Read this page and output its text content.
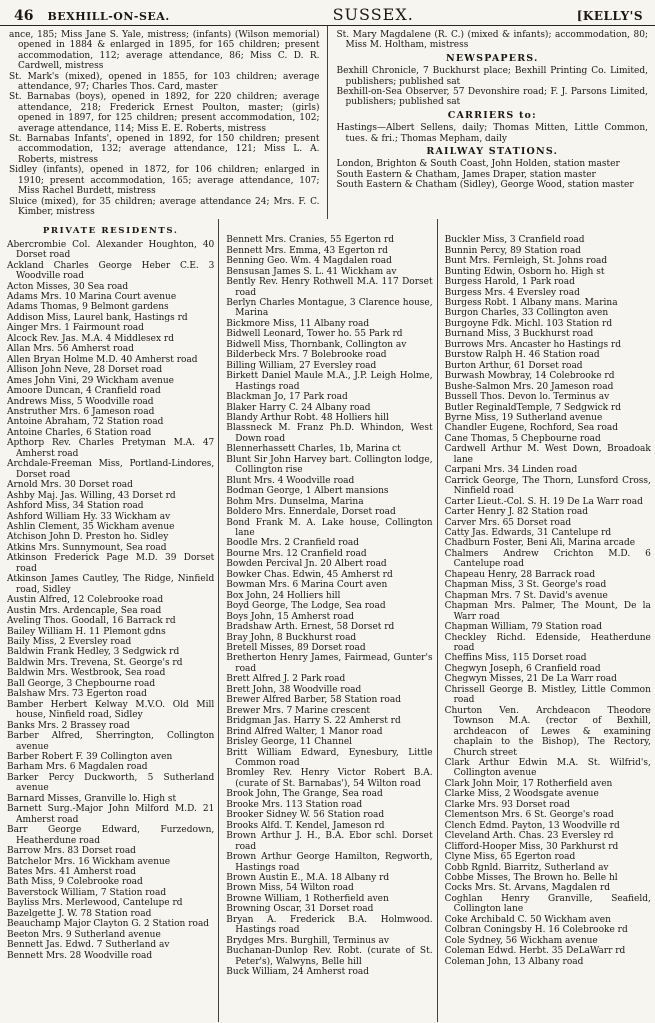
46 BEXHILL-ON-SEA.	SUSSEX.	[KELLY'S
ance, 185; Miss Jane S. Yale, mistress; (infants) (Wilson memorial) opened in 1884 & enlarged in 1895, for 165 children; present accommodation, 112; average attendance, 86; Miss C. D. R. Cardwell, mistress
St. Mark's (mixed), opened in 1855, for 103 children; average attendance, 97; Charles Thos. Card, master
St. Barnabas (boys), opened in 1892, for 220 children; average attendance, 218; Frederick Ernest Poulton, master; (girls) opened in 1897, for 125 children; present accommodation, 102; average attendance, 114; Miss E. E. Roberts, mistress
St. Barnabas Infants', opened in 1892, for 150 children; present accommodation, 132; average attendance, 121; Miss L. A. Roberts, mistress
Sidley (infants), opened in 1872, for 106 children; enlarged in 1910; present accommodation, 165; average attendance, 107; Miss Rachel Burdett, mistress
Sluice (mixed), for 35 children; average attendance 24; Mrs. F. C. Kimber, mistress
St. Mary Magdalene (R. C.) (mixed & infants); accommodation, 80; Miss M. Holtham, mistress
NEWSPAPERS.
Bexhill Chronicle, 7 Buckhurst place; Bexhill Printing Co. Limited, publishers; published sat
Bexhill-on-Sea Observer, 57 Devonshire road; F. J. Parsons Limited, publishers; published sat
CARRIERS to:
Hastings—Albert Sellens, daily; Thomas Mitten, Little Common, tues. & fri.; Thomas Mepham, daily
RAILWAY STATIONS.
London, Brighton & South Coast, John Holden, station master
South Eastern & Chatham, James Draper, station master
South Eastern & Chatham (Sidley), George Wood, station master
PRIVATE RESIDENTS.
Abercrombie Col. Alexander Houghton, 40 Dorset road
Ackland Charles George Heber C.E. 3 Woodville road
Acton Misses, 30 Sea road
Adams Mrs. 10 Marina Court avenue
Adams Thomas, 9 Belmont gardens
Addison Miss, Laurel bank, Hastings rd
Ainger Mrs. 1 Fairmount road
Alcock Rev. Jas. M.A. 4 Middlesex rd
Allan Mrs. 56 Amherst road
Allen Bryan Holme M.D. 40 Amherst road
Allison John Neve, 28 Dorset road
Ames John Vini, 29 Wickham avenue
Amoore Duncan, 4 Cranfield road
Andrews Miss, 5 Woodville road
Anstruther Mrs. 6 Jameson road
Antoine Abraham, 72 Station road
Antoine Charles, 6 Station road
Apthorp Rev. Charles Pretyman M.A. 47 Amherst road
Archdale-Freeman Miss, Portland-Lindores, Dorset road
Arnold Mrs. 30 Dorset road
Ashby Maj. Jas. Willing, 43 Dorset rd
Ashford Miss, 34 Station road
Ashford William Hy. 33 Wickham av
Ashlin Clement, 35 Wickham avenue
Atchison John D. Preston ho. Sidley
Atkins Mrs. Sunnymount, Sea road
Atkinson Frederick Page M.D. 39 Dorset road
Atkinson James Cautley, The Ridge, Ninfield road, Sidley
Austin Alfred, 12 Colebrooke road
Austin Mrs. Ardencaple, Sea road
Aveling Thos. Goodall, 16 Barrack rd
Bailey William H. 11 Plemont gdns
Baily Miss, 2 Eversley road
Baldwin Frank Hedley, 3 Sedgwick rd
Baldwin Mrs. Trevena, St. George's rd
Baldwin Mrs. Westbrook, Sea road
Ball George, 3 Chepbourne road
Balshaw Mrs. 73 Egerton road
Bamber Herbert Kelway M.V.O. Old Mill house, Ninfield road, Sidley
Banks Mrs. 2 Brassey road
Barber Alfred, Sherrington, Collington avenue
Barber Robert F. 39 Collington aven
Barham Mrs. 6 Magdalen road
Barker Percy Duckworth, 5 Sutherland avenue
Barnard Misses, Granville lo. High st
Barnett Surg.-Major John Milford M.D. 21 Amherst road
Barr George Edward, Furzedown, Heatherdune road
Barrow Mrs. 83 Dorset road
Batchelor Mrs. 16 Wickham avenue
Bates Mrs. 41 Amherst road
Bath Miss, 9 Colebrooke road
Baverstock William, 7 Station road
Bayliss Mrs. Merlewood, Cantelupe rd
Bazelgette J. W. 78 Station road
Beauchamp Major Clayton G. 2 Station road
Beeton Mrs. 9 Sutherland avenue
Bennett Jas. Edwd. 7 Sutherland av
Bennett Mrs. 28 Woodville road
Bennett Mrs. Cranies, 55 Egerton rd
Bennett Mrs. Emma, 43 Egerton rd
Benning Geo. Wm. 4 Magdalen road
Bensusan James S. L. 41 Wickham av
Bently Rev. Henry Rothwell M.A. 117 Dorset road
Berlyn Charles Montague, 3 Clarence house, Marina
Bickmore Miss, 11 Albany road
Bidwell Leonard, Tower ho. 55 Park rd
Bidwell Miss, Thornbank, Collington av
Bilderbeck Mrs. 7 Bolebrooke road
Billing William, 27 Eversley road
Birkett Daniel Maule M.A., J.P. Leigh Holme, Hastings road
Blackman Jo, 17 Park road
Blaker Harry C. 24 Albany road
Blandy Arthur Robt. 48 Holliers hill
Blassneck M. Franz Ph.D. Whindon, West Down road
Blennerhassett Charles, 1b, Marina ct
Blunt Sir John Harvey bart. Collington lodge, Collington rise
Blunt Mrs. 4 Woodville road
Bodman George, 1 Albert mansions
Bohm Mrs. Dunselma, Marina
Boldero Mrs. Ennerdale, Dorset road
Bond Frank M. A. Lake house, Collington lane
Boodle Mrs. 2 Cranfield road
Bourne Mrs. 12 Cranfield road
Bowden Percival Jn. 20 Albert road
Bowker Chas. Edwin, 45 Amherst rd
Bowman Mrs. 6 Marina Court aven
Box John, 24 Holliers hill
Boyd George, The Lodge, Sea road
Boys John, 15 Amherst road
Bradshaw Arth. Ernest, 58 Dorset rd
Bray John, 8 Buckhurst road
Bretell Misses, 89 Dorset road
Bretherton Henry James, Fairmead, Gunter's road
Brett Alfred J. 2 Park road
Brett John, 38 Woodville road
Brewer Alfred Barber, 58 Station road
Brewer Mrs. 7 Marine crescent
Bridgman Jas. Harry S. 22 Amherst rd
Brind Alfred Walter, 1 Manor road
Brisley George, 11 Channel
Britt William Edward, Eynesbury, Little Common road
Bromley Rev. Henry Victor Robert B.A. (curate of St. Barnabas'), 54 Wilton road
Brook John, The Grange, Sea road
Brooke Mrs. 113 Station road
Brooker Sidney W. 56 Station road
Brooks Alfd. T. Kendel, Jameson rd
Brown Arthur J. H., B.A. Ebor schl. Dorset road
Brown Arthur George Hamilton, Regworth, Hastings road
Brown Austin E., M.A. 18 Albany rd
Brown Miss, 54 Wilton road
Browne William, 1 Rotherfield aven
Browning Oscar, 31 Dorset road
Bryan A. Frederick B.A. Holmwood. Hastings road
Brydges Mrs. Burghill, Terminus av
Buchanan-Dunlop Rev. Robt. (curate of St. Peter's), Walwyns, Belle hill
Buck William, 24 Amherst road
Buckler Miss, 3 Cranfield road
Bunnin Percy, 89 Station road
Bunt Mrs. Fernleigh, St. Johns road
Bunting Edwin, Osborn ho. High st
Burgess Harold, 1 Park road
Burgess Mrs. 4 Eversley road
Burgess Robt. 1 Albany mans. Marina
Burgon Charles, 33 Collington aven
Burgoyne Fdk. Michl. 103 Station rd
Burnand Miss, 3 Buckhurst road
Burrows Mrs. Ancaster ho Hastings rd
Burstow Ralph H. 46 Station road
Burton Arthur, 61 Dorset road
Burwash Mowbray, 14 Colebrooke rd
Bushe-Salmon Mrs. 20 Jameson road
Bussell Thos. Devon lo. Terminus av
Butler ReginaldTemple, 7 Sedgwick rd
Byrne Miss, 19 Sutherland avenue
Chandler Eugene, Rochford, Sea road
Cane Thomas, 5 Chepbourne road
Cardwell Arthur M. West Down, Broadoak lane
Carpani Mrs. 34 Linden road
Carrick George, The Thorn, Lunsford Cross, Ninfield road
Carter Lieut.-Col. S. H. 19 De La Warr road
Carter Henry J. 82 Station road
Carver Mrs. 65 Dorset road
Catty Jas. Edwards, 31 Cantelupe rd
Chadburn Foster, Beni Ali, Marina arcade
Chalmers Andrew Crichton M.D. 6 Cantelupe road
Chapeau Henry, 28 Barrack road
Chapman Miss, 3 St. George's road
Chapman Mrs. 7 St. David's avenue
Chapman Mrs. Palmer, The Mount, De la Warr road
Chapman William, 79 Station road
Checkley Richd. Edenside, Heatherdune road
Cheffins Miss, 115 Dorset road
Chegwyn Joseph, 6 Cranfield road
Chegwyn Misses, 21 De La Warr road
Chrissell George B. Mistley, Little Common road
Churton Ven. Archdeacon Theodore Townson M.A. (rector of Bexhill, archdeacon of Lewes & examining chaplain to the Bishop), The Rectory, Church street
Clark Arthur Edwin M.A. St. Wilfrid's, Collington avenue
Clark John Moir, 17 Rotherfield aven
Clarke Miss, 2 Woodsgate avenue
Clarke Mrs. 93 Dorset road
Clementson Mrs. 6 St. George's road
Clench Edmd. Payton, 13 Woodville rd
Cleveland Arth. Chas. 23 Eversley rd
Clifford-Hooper Miss, 30 Parkhurst rd
Clyne Miss, 65 Egerton road
Cobb Rgnld. Biarritz, Sutherland av
Cobbe Misses, The Brown ho. Belle hl
Cocks Mrs. St. Arvans, Magdalen rd
Coghlan Henry Granville, Seafield, Collington lane
Coke Archibald C. 50 Wickham aven
Colbran Coningsby H. 16 Colebrooke rd
Cole Sydney, 56 Wickham avenue
Coleman Edwd. Herbt. 35 DeLaWarr rd
Coleman John, 13 Albany road
